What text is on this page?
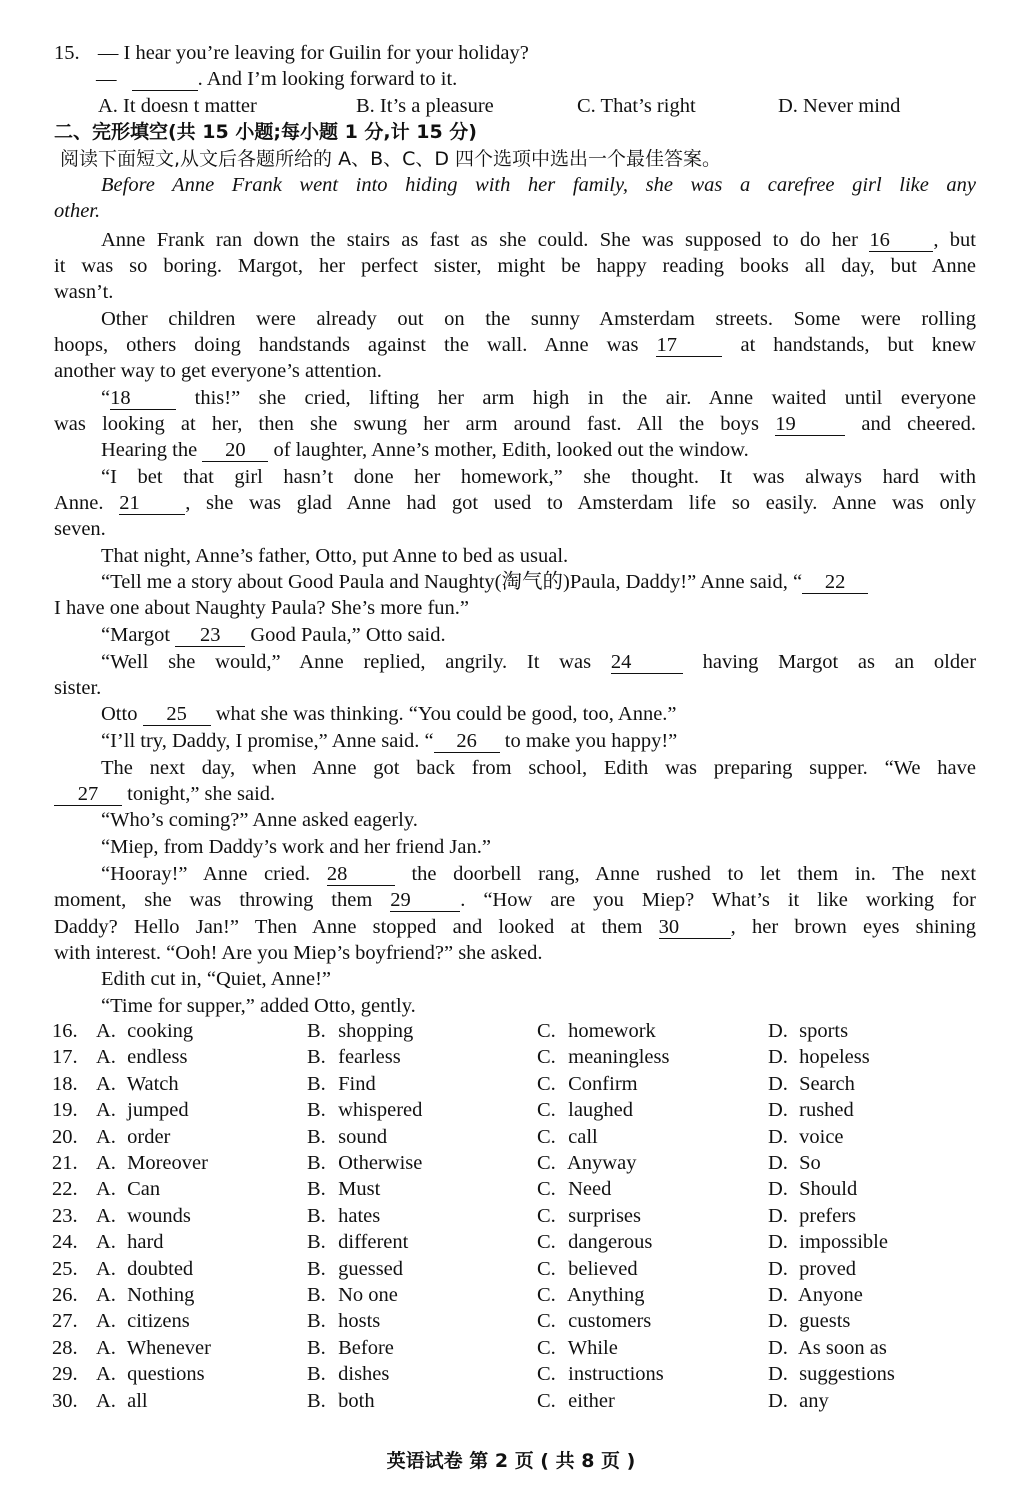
15. — I hear you’re leaving for Guilin for your holiday?
—	. And I’m looking forward to it.
A. It doesn t matter	B. It’s a pleasure	C. That’s right	D. Never mind
二、完形填空(共 15 小题;每小题 1 分,计 15 分)
阅读下面短文,从文后各题所给的 A、B、C、D 四个选项中选出一个最佳答案。
Before Anne Frank went into hiding with her family, she was a carefree girl like any
other.
Anne Frank ran down the stairs as fast as she could. She was supposed to do her 16 , but
it was so boring. Margot, her perfect sister, might be happy reading books all day, but Anne
wasn’t.
Other children were already out on the sunny Amsterdam streets. Some were rolling
hoops, others doing handstands against the wall. Anne was 17	at handstands, but knew
another way to get everyone’s attention.
“18	this!” she cried, lifting her arm high in the air. Anne waited until everyone
was looking at her, then she swung her arm around fast. All the boys 19	and cheered.
Hearing the 20 of laughter, Anne’s mother, Edith, looked out the window.
“I bet that girl hasn’t done her homework,” she thought. It was always hard with
Anne. 21 , she was glad Anne had got used to Amsterdam life so easily. Anne was only
seven.
That night, Anne’s father, Otto, put Anne to bed as usual.
“Tell me a story about Good Paula and Naughty(淘气的)Paula, Daddy!” Anne said, “ 22
I have one about Naughty Paula? She’s more fun.”
“Margot 23 Good Paula,” Otto said.
“Well she would,” Anne replied, angrily. It was 24	having Margot as an older
sister.
Otto 25 what she was thinking. “You could be good, too, Anne.”
“I’ll try, Daddy, I promise,” Anne said. “ 26 to make you happy!”
The next day, when Anne got back from school, Edith was preparing supper. “We have
27 tonight,” she said.
“Who’s coming?” Anne asked eagerly.
“Miep, from Daddy’s work and her friend Jan.”
“Hooray!” Anne cried. 28	the doorbell rang, Anne rushed to let them in. The next
moment, she was throwing them 29 . “How are you Miep? What’s it like working for
Daddy? Hello Jan!” Then Anne stopped and looked at them 30	, her brown eyes shining
with interest. “Ooh! Are you Miep’s boyfriend?” she asked.
Edith cut in, “Quiet, Anne!”
“Time for supper,” added Otto, gently.
16. A. cooking	B. shopping	C. homework	D. sports
17. A. endless	B. fearless	C. meaningless	D. hopeless
18. A. Watch	B. Find	C. Confirm	D. Search
19. A. jumped	B. whispered	C. laughed	D. rushed
20. A. order	B. sound	C. call	D. voice
21. A. Moreover	B. Otherwise	C. Anyway	D. So
22. A. Can	B. Must	C. Need	D. Should
23. A. wounds	B. hates	C. surprises	D. prefers
24. A. hard	B. different	C. dangerous	D. impossible
25. A. doubted	B. guessed	C. believed	D. proved
26. A. Nothing	B. No one	C. Anything	D. Anyone
27. A. citizens	B. hosts	C. customers	D. guests
28. A. Whenever	B. Before	C. While	D. As soon as
29. A. questions	B. dishes	C. instructions	D. suggestions
30. A. all	B. both	C. either	D. any
英语试卷 第 2 页 ( 共 8 页 )
